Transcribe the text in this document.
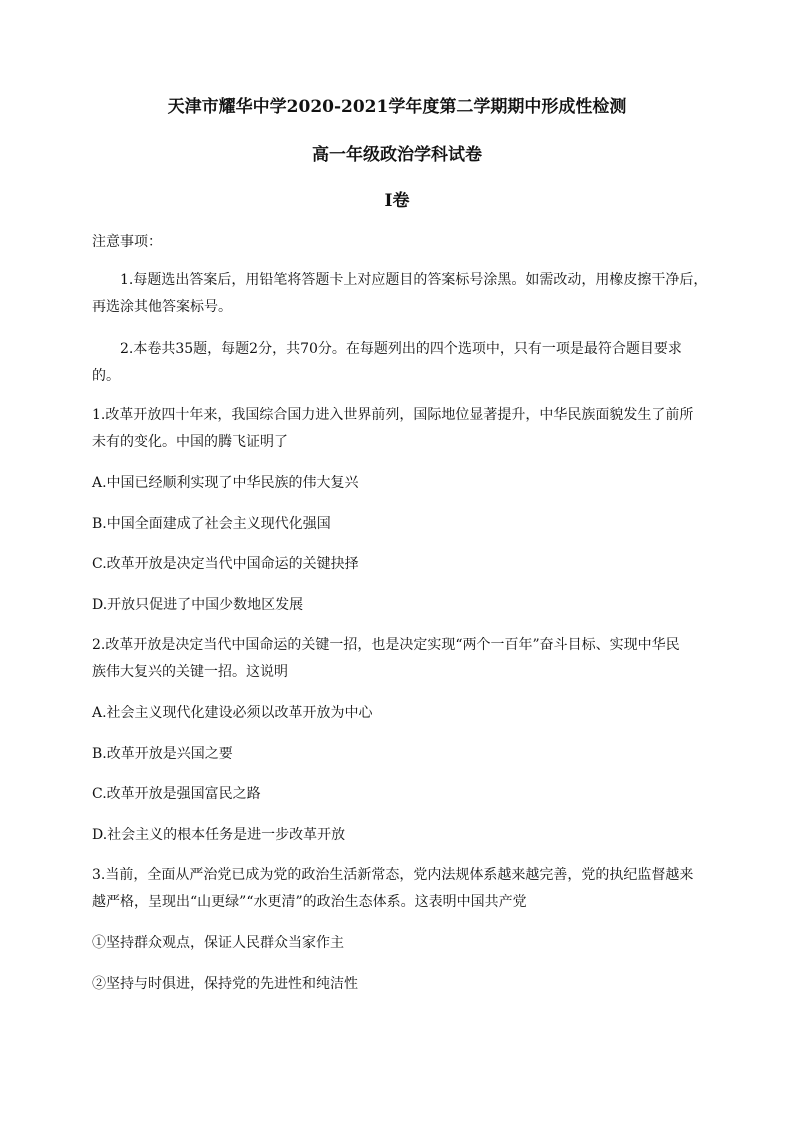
天津市耀华中学2020-2021学年度第二学期期中形成性检测
高一年级政治学科试卷
I卷
注意事项：
1.每题选出答案后，用铅笔将答题卡上对应题目的答案标号涂黑。如需改动，用橡皮擦干净后，
再选涂其他答案标号。
2.本卷共35题，每题2分，共70分。在每题列出的四个选项中，只有一项是最符合题目要求
的。
1.改革开放四十年来，我国综合国力进入世界前列，国际地位显著提升，中华民族面貌发生了前所
未有的变化。中国的腾飞证明了
A.中国已经顺利实现了中华民族的伟大复兴
B.中国全面建成了社会主义现代化强国
C.改革开放是决定当代中国命运的关键抉择
D.开放只促进了中国少数地区发展
2.改革开放是决定当代中国命运的关键一招，也是决定实现“两个一百年”奋斗目标、实现中华民
族伟大复兴的关键一招。这说明
A.社会主义现代化建设必须以改革开放为中心
B.改革开放是兴国之要
C.改革开放是强国富民之路
D.社会主义的根本任务是进一步改革开放
3.当前，全面从严治党已成为党的政治生活新常态，党内法规体系越来越完善，党的执纪监督越来
越严格，呈现出“山更绿”“水更清”的政治生态体系。这表明中国共产党
①坚持群众观点，保证人民群众当家作主
②坚持与时俱进，保持党的先进性和纯洁性
